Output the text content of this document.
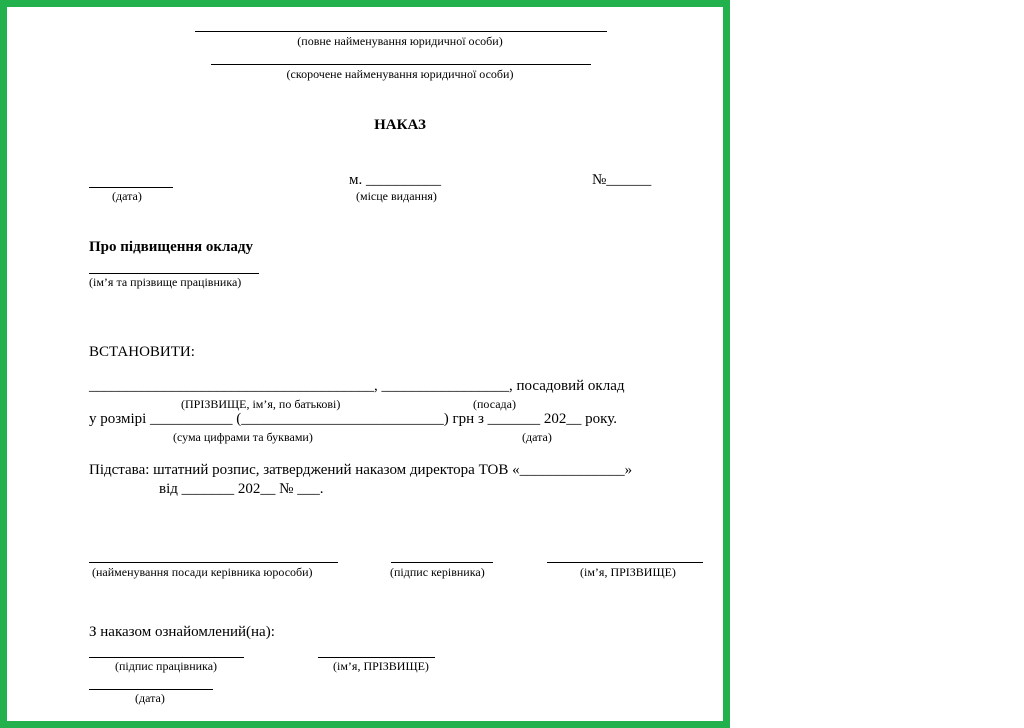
(повне найменування юридичної особи)
(скорочене найменування юридичної особи)
НАКАЗ
(дата)
м. __________
(місце видання)
№______
Про підвищення окладу
(ім’я та прізвище працівника)
ВСТАНОВИТИ:
______________________________________, _________________, посадовий оклад
(ПРІЗВИЩЕ, ім’я, по батькові)	(посада)
у розмірі ___________ (___________________________) грн з _______ 202__ року.
(сума цифрами та буквами)	(дата)
Підстава: штатний розпис, затверджений наказом директора ТОВ «______________»
від _______ 202__ № ___.
(найменування посади керівника юрособи)	(підпис керівника)	(ім’я, ПРІЗВИЩЕ)
З наказом ознайомлений(на):
(підпис працівника)	(ім’я, ПРІЗВИЩЕ)
(дата)
